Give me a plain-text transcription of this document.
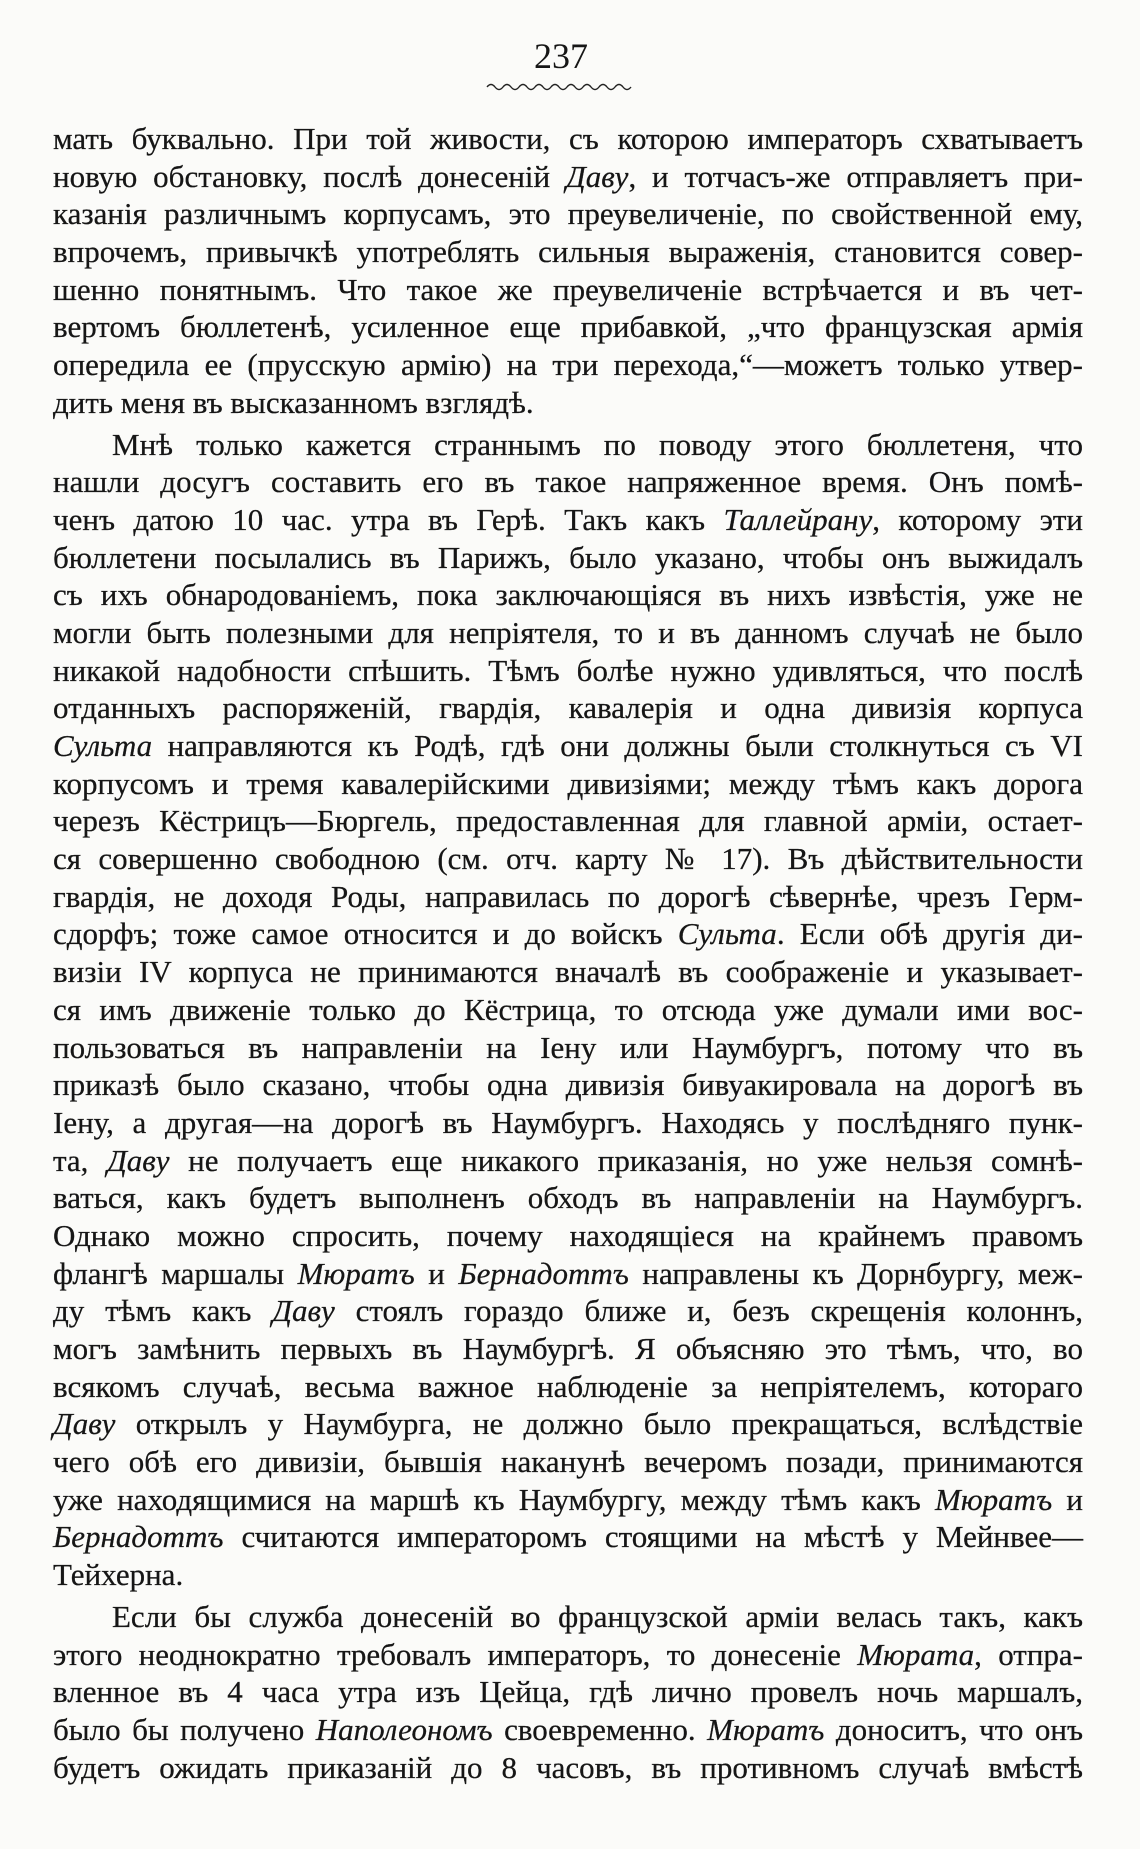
237
мать буквально. При той живости, съ которою императоръ схватываетъ
новую обстановку, послѣ донесеній Даву, и тотчасъ-же отправляетъ при-
казанія различнымъ корпусамъ, это преувеличеніе, по свойственной ему,
впрочемъ, привычкѣ употреблять сильныя выраженія, становится совер-
шенно понятнымъ. Что такое же преувеличеніе встрѣчается и въ чет-
вертомъ бюллетенѣ, усиленное еще прибавкой, „что французская армія
опередила ее (прусскую армію) на три перехода,“—можетъ только утвер-
дить меня въ высказанномъ взглядѣ.
Мнѣ только кажется страннымъ по поводу этого бюллетеня, что
нашли досугъ составить его въ такое напряженное время. Онъ помѣ-
ченъ датою 10 час. утра въ Герѣ. Такъ какъ Таллейрану, которому эти
бюллетени посылались въ Парижъ, было указано, чтобы онъ выжидалъ
съ ихъ обнародованіемъ, пока заключающіяся въ нихъ извѣстія, уже не
могли быть полезными для непріятеля, то и въ данномъ случаѣ не было
никакой надобности спѣшить. Тѣмъ болѣе нужно удивляться, что послѣ
отданныхъ распоряженій, гвардія, кавалерія и одна дивизія корпуса
Сульта направляются къ Родѣ, гдѣ они должны были столкнуться съ VI
корпусомъ и тремя кавалерійскими дивизіями; между тѣмъ какъ дорога
черезъ Кёстрицъ—Бюргель, предоставленная для главной арміи, остает-
ся совершенно свободною (см. отч. карту № 17). Въ дѣйствительности
гвардія, не доходя Роды, направилась по дорогѣ сѣвернѣе, чрезъ Герм-
сдорфъ; тоже самое относится и до войскъ Сульта. Если обѣ другія ди-
визіи IV корпуса не принимаются вначалѣ въ соображеніе и указывает-
ся имъ движеніе только до Кёстрица, то отсюда уже думали ими вос-
пользоваться въ направленіи на Іену или Наумбургъ, потому что въ
приказѣ было сказано, чтобы одна дивизія бивуакировала на дорогѣ въ
Іену, а другая—на дорогѣ въ Наумбургъ. Находясь у послѣдняго пунк-
та, Даву не получаетъ еще никакого приказанія, но уже нельзя сомнѣ-
ваться, какъ будетъ выполненъ обходъ въ направленіи на Наумбургъ.
Однако можно спросить, почему находящіеся на крайнемъ правомъ
флангѣ маршалы Мюратъ и Бернадоттъ направлены къ Дорнбургу, меж-
ду тѣмъ какъ Даву стоялъ гораздо ближе и, безъ скрещенія колоннъ,
могъ замѣнить первыхъ въ Наумбургѣ. Я объясняю это тѣмъ, что, во
всякомъ случаѣ, весьма важное наблюденіе за непріятелемъ, котораго
Даву открылъ у Наумбурга, не должно было прекращаться, вслѣдствіе
чего обѣ его дивизіи, бывшія наканунѣ вечеромъ позади, принимаются
уже находящимися на маршѣ къ Наумбургу, между тѣмъ какъ Мюратъ и
Бернадоттъ считаются императоромъ стоящими на мѣстѣ у Мейнвее—
Тейхерна.
Если бы служба донесеній во французской арміи велась такъ, какъ
этого неоднократно требовалъ императоръ, то донесеніе Мюрата, отпра-
вленное въ 4 часа утра изъ Цейца, гдѣ лично провелъ ночь маршалъ,
было бы получено Наполеономъ своевременно. Мюратъ доноситъ, что онъ
будетъ ожидать приказаній до 8 часовъ, въ противномъ случаѣ вмѣстѣ
